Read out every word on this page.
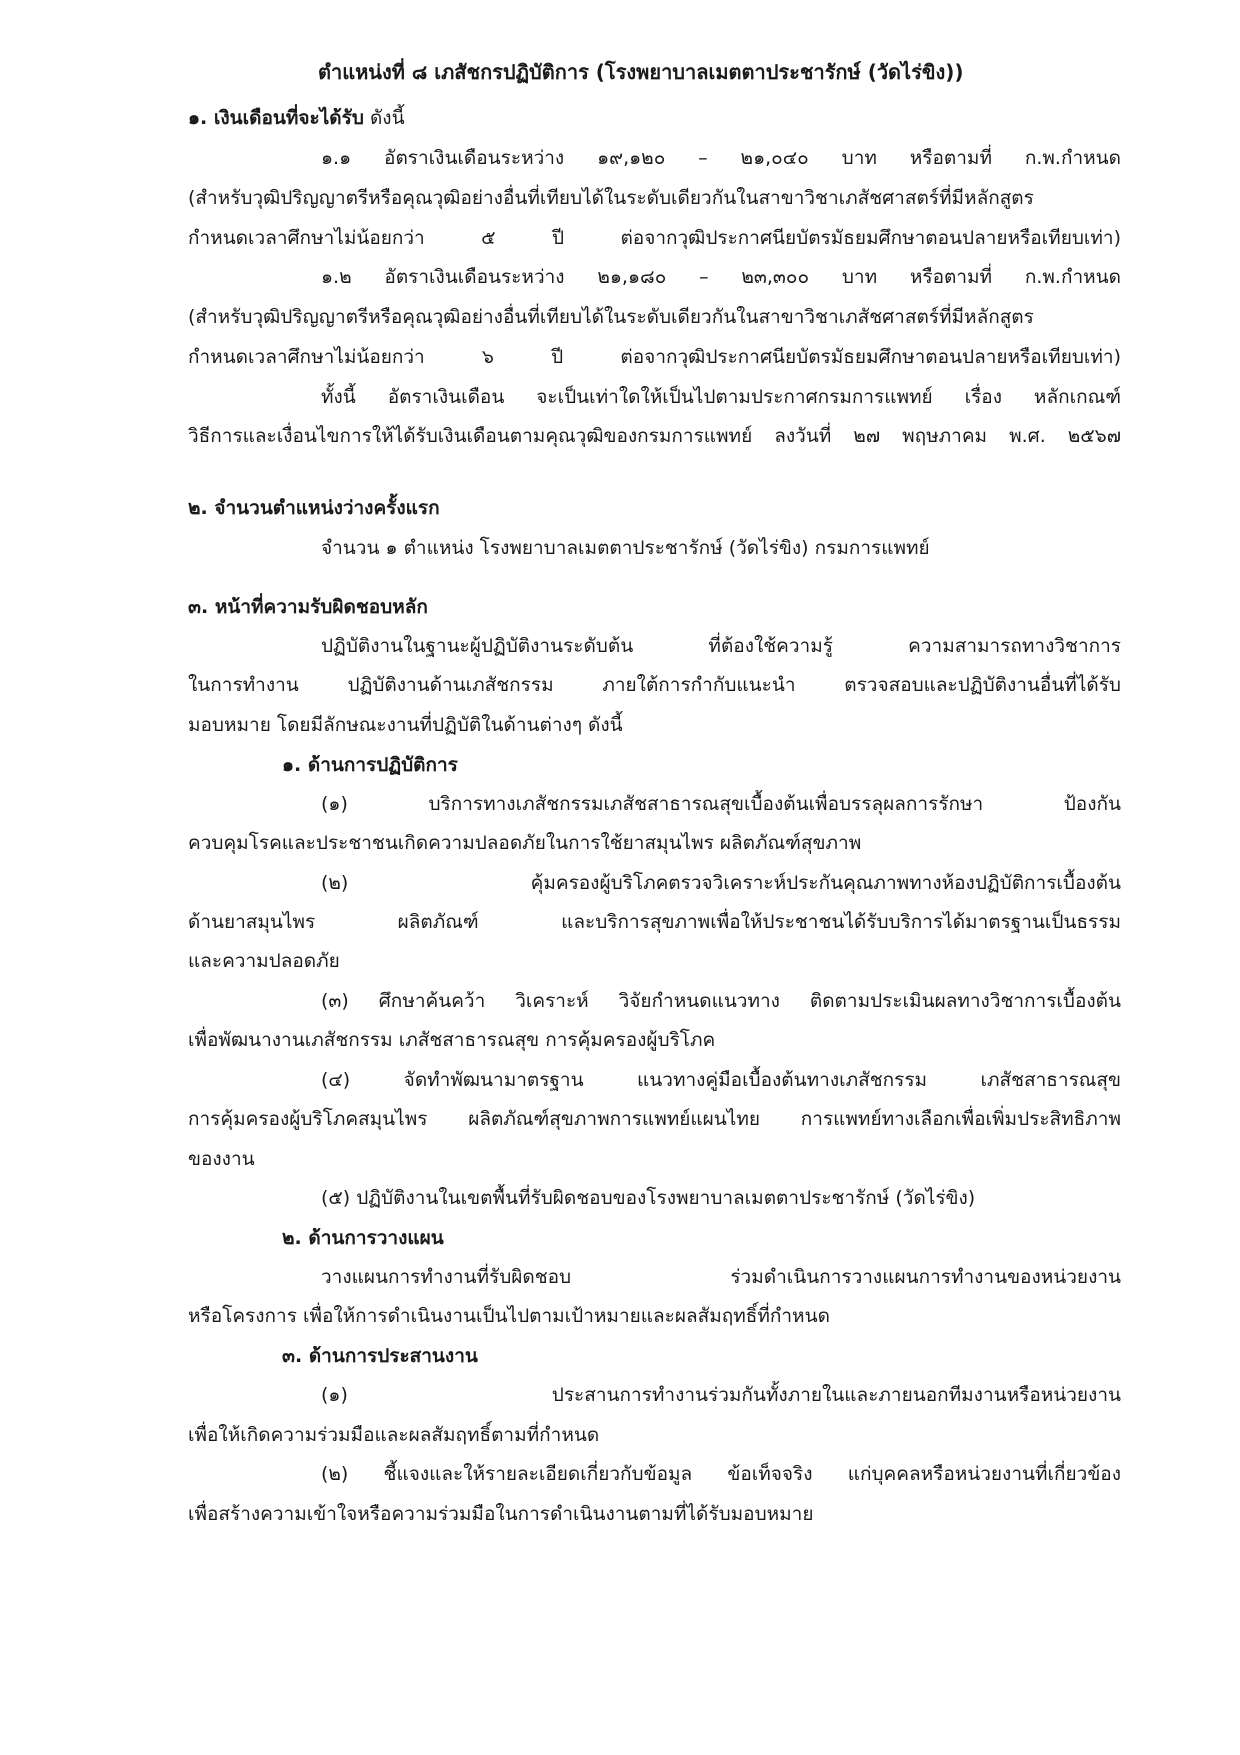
ตำแหน่งที่ ๘ เภสัชกรปฏิบัติการ (โรงพยาบาลเมตตาประชารักษ์ (วัดไร่ขิง))
๑. เงินเดือนที่จะได้รับ ดังนี้
๑.๑ อัตราเงินเดือนระหว่าง ๑๙,๑๒๐ – ๒๑,๐๔๐ บาท หรือตามที่ ก.พ.กำหนด
(สำหรับวุฒิปริญญาตรีหรือคุณวุฒิอย่างอื่นที่เทียบได้ในระดับเดียวกันในสาขาวิชาเภสัชศาสตร์ที่มีหลักสูตร
กำหนดเวลาศึกษาไม่น้อยกว่า ๕ ปี ต่อจากวุฒิประกาศนียบัตรมัธยมศึกษาตอนปลายหรือเทียบเท่า)
๑.๒ อัตราเงินเดือนระหว่าง ๒๑,๑๘๐ – ๒๓,๓๐๐ บาท หรือตามที่ ก.พ.กำหนด
(สำหรับวุฒิปริญญาตรีหรือคุณวุฒิอย่างอื่นที่เทียบได้ในระดับเดียวกันในสาขาวิชาเภสัชศาสตร์ที่มีหลักสูตร
กำหนดเวลาศึกษาไม่น้อยกว่า ๖ ปี ต่อจากวุฒิประกาศนียบัตรมัธยมศึกษาตอนปลายหรือเทียบเท่า)
ทั้งนี้ อัตราเงินเดือน จะเป็นเท่าใดให้เป็นไปตามประกาศกรมการแพทย์ เรื่อง หลักเกณฑ์
วิธีการและเงื่อนไขการให้ได้รับเงินเดือนตามคุณวุฒิของกรมการแพทย์ ลงวันที่ ๒๗ พฤษภาคม พ.ศ. ๒๕๖๗
๒. จำนวนตำแหน่งว่างครั้งแรก
จำนวน ๑ ตำแหน่ง โรงพยาบาลเมตตาประชารักษ์ (วัดไร่ขิง) กรมการแพทย์
๓. หน้าที่ความรับผิดชอบหลัก
ปฏิบัติงานในฐานะผู้ปฏิบัติงานระดับต้น ที่ต้องใช้ความรู้ ความสามารถทางวิชาการ
ในการทำงาน ปฏิบัติงานด้านเภสัชกรรม ภายใต้การกำกับแนะนำ ตรวจสอบและปฏิบัติงานอื่นที่ได้รับ
มอบหมาย โดยมีลักษณะงานที่ปฏิบัติในด้านต่างๆ ดังนี้
๑. ด้านการปฏิบัติการ
(๑) บริการทางเภสัชกรรมเภสัชสาธารณสุขเบื้องต้นเพื่อบรรลุผลการรักษา ป้องกัน
ควบคุมโรคและประชาชนเกิดความปลอดภัยในการใช้ยาสมุนไพร ผลิตภัณฑ์สุขภาพ
(๒) คุ้มครองผู้บริโภคตรวจวิเคราะห์ประกันคุณภาพทางห้องปฏิบัติการเบื้องต้น
ด้านยาสมุนไพร ผลิตภัณฑ์ และบริการสุขภาพเพื่อให้ประชาชนได้รับบริการได้มาตรฐานเป็นธรรม
และความปลอดภัย
(๓) ศึกษาค้นคว้า วิเคราะห์ วิจัยกำหนดแนวทาง ติดตามประเมินผลทางวิชาการเบื้องต้น
เพื่อพัฒนางานเภสัชกรรม เภสัชสาธารณสุข การคุ้มครองผู้บริโภค
(๔) จัดทำพัฒนามาตรฐาน แนวทางคู่มือเบื้องต้นทางเภสัชกรรม เภสัชสาธารณสุข
การคุ้มครองผู้บริโภคสมุนไพร ผลิตภัณฑ์สุขภาพการแพทย์แผนไทย การแพทย์ทางเลือกเพื่อเพิ่มประสิทธิภาพ
ของงาน
(๕) ปฏิบัติงานในเขตพื้นที่รับผิดชอบของโรงพยาบาลเมตตาประชารักษ์ (วัดไร่ขิง)
๒. ด้านการวางแผน
วางแผนการทำงานที่รับผิดชอบ ร่วมดำเนินการวางแผนการทำงานของหน่วยงาน
หรือโครงการ เพื่อให้การดำเนินงานเป็นไปตามเป้าหมายและผลสัมฤทธิ์ที่กำหนด
๓. ด้านการประสานงาน
(๑) ประสานการทำงานร่วมกันทั้งภายในและภายนอกทีมงานหรือหน่วยงาน
เพื่อให้เกิดความร่วมมือและผลสัมฤทธิ์ตามที่กำหนด
(๒) ชี้แจงและให้รายละเอียดเกี่ยวกับข้อมูล ข้อเท็จจริง แก่บุคคลหรือหน่วยงานที่เกี่ยวข้อง
เพื่อสร้างความเข้าใจหรือความร่วมมือในการดำเนินงานตามที่ได้รับมอบหมาย
